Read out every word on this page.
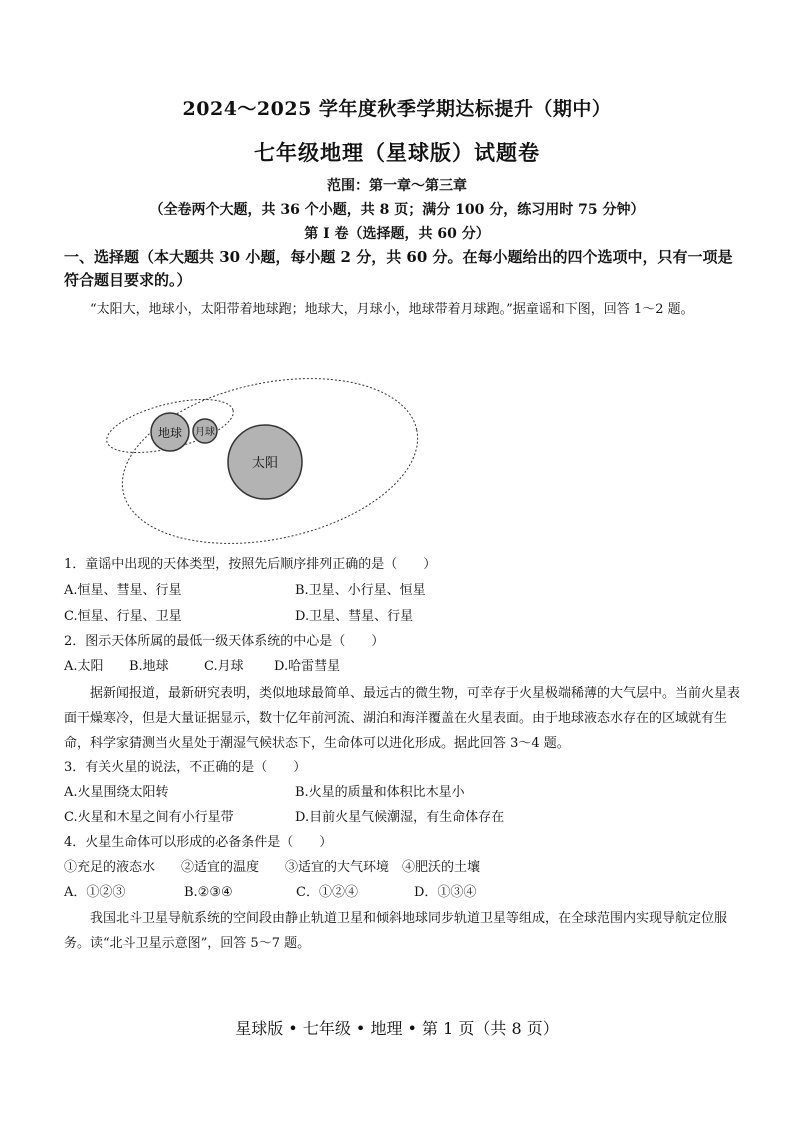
2024～2025 学年度秋季学期达标提升（期中）
七年级地理（星球版）试题卷
范围：第一章～第三章
（全卷两个大题，共 36 个小题，共 8 页；满分 100 分，练习用时 75 分钟）
第 I 卷（选择题，共 60 分）
一、选择题（本大题共 30 小题，每小题 2 分，共 60 分。在每小题给出的四个选项中，只有一项是符合题目要求的。）
“太阳大，地球小，太阳带着地球跑；地球大，月球小，地球带着月球跑。”据童谣和下图，回答 1～2 题。
太阳
地球 月球
1．童谣中出现的天体类型，按照先后顺序排列正确的是（　　）
A.恒星、彗星、行星	B.卫星、小行星、恒星
C.恒星、行星、卫星	D.卫星、彗星、行星
2．图示天体所属的最低一级天体系统的中心是（　　）
A.太阳 B.地球	C.月球 D.哈雷彗星
据新闻报道，最新研究表明，类似地球最简单、最远古的微生物，可幸存于火星极端稀薄的大气层中。当前火星表面干燥寒冷，但是大量证据显示，数十亿年前河流、湖泊和海洋覆盖在火星表面。由于地球液态水存在的区域就有生命，科学家猜测当火星处于潮湿气候状态下，生命体可以进化形成。据此回答 3～4 题。
3．有关火星的说法，不正确的是（　　）
A.火星围绕太阳转	B.火星的质量和体积比木星小
C.火星和木星之间有小行星带	D.目前火星气候潮湿，有生命体存在
4．火星生命体可以形成的必备条件是（　　）
①充足的液态水　　②适宜的温度　　③适宜的大气环境　④肥沃的土壤
A．①②③	B.②③④	C．①②④	D．①③④
我国北斗卫星导航系统的空间段由静止轨道卫星和倾斜地球同步轨道卫星等组成，在全球范围内实现导航定位服务。读“北斗卫星示意图”，回答 5～7 题。
星球版 • 七年级 • 地理 • 第 1 页（共 8 页）
